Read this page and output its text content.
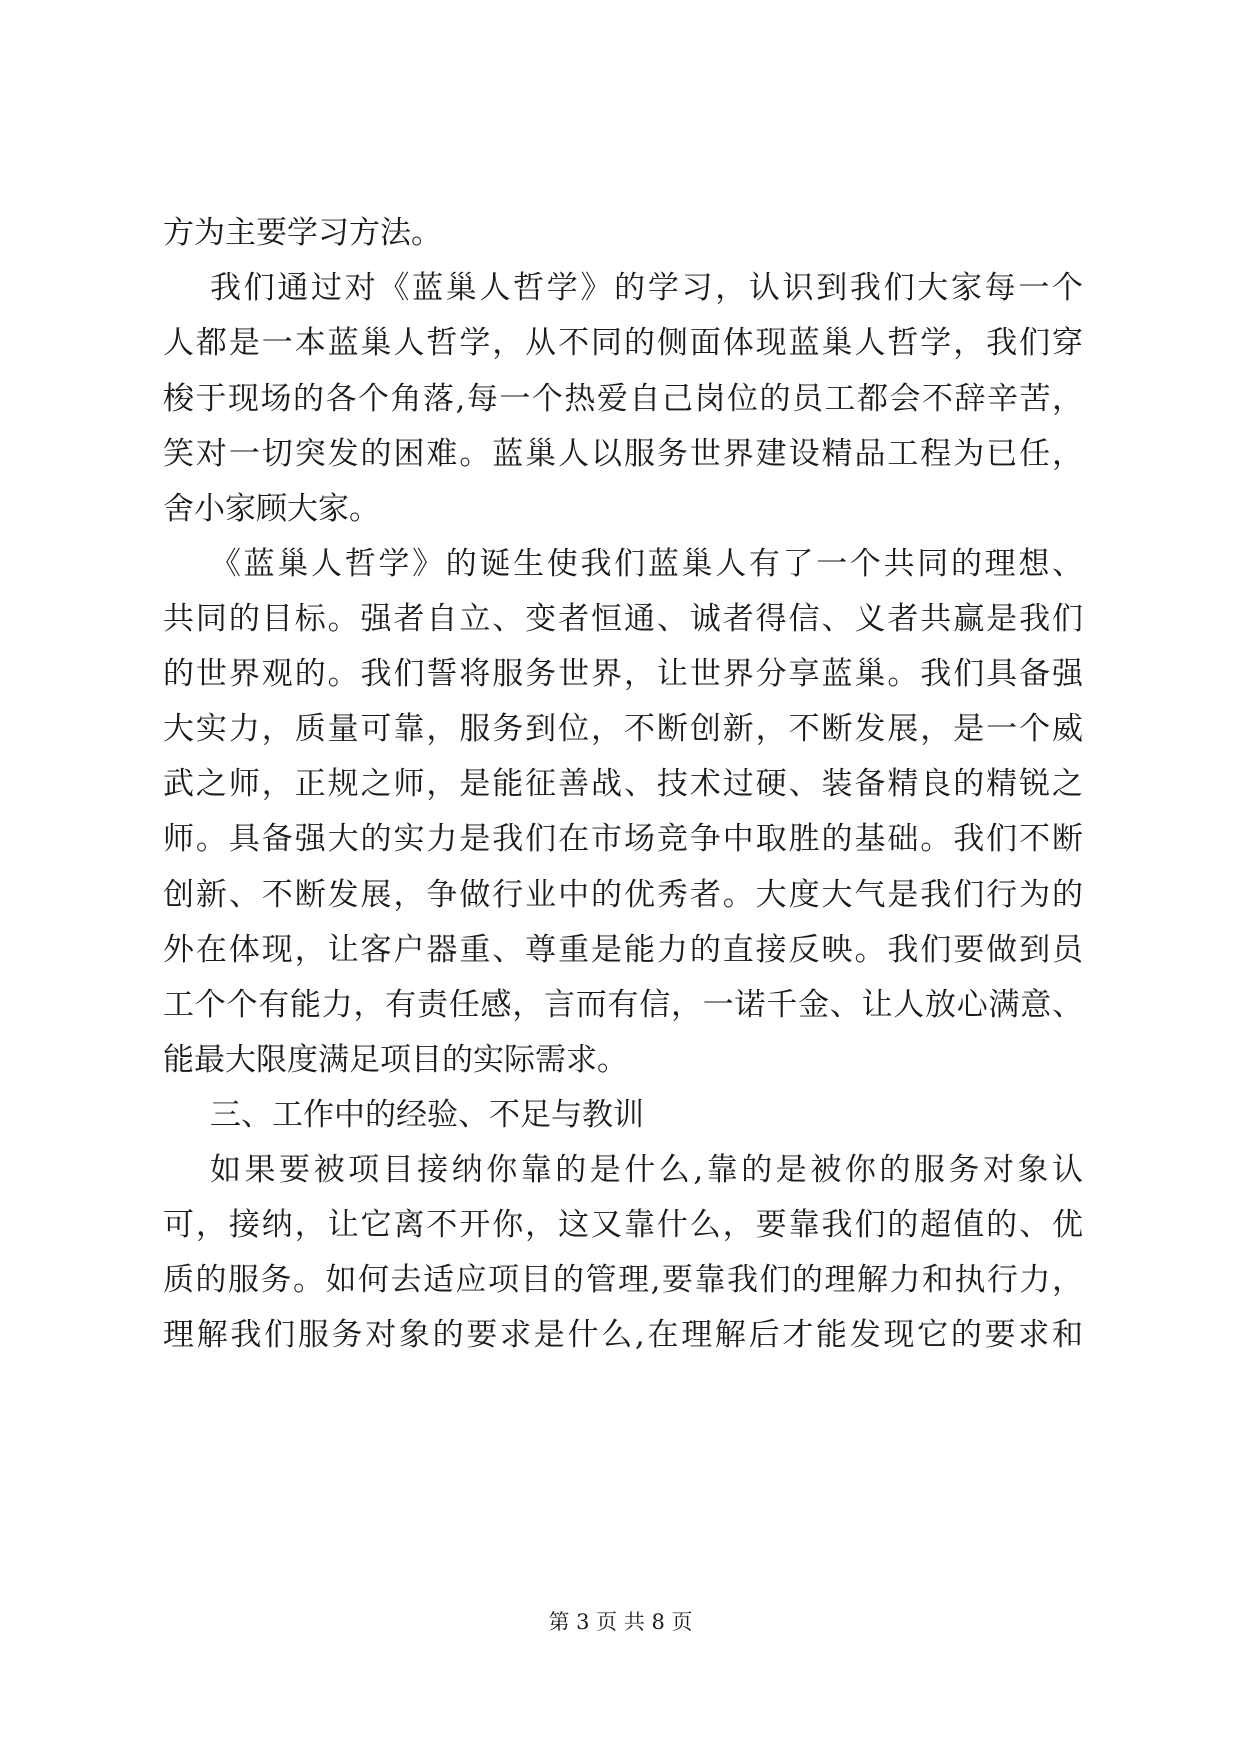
方为主要学习方法。
我们通过对《蓝巢人哲学》的学习，认识到我们大家每一个
人都是一本蓝巢人哲学，从不同的侧面体现蓝巢人哲学，我们穿
梭于现场的各个角落,每一个热爱自己岗位的员工都会不辞辛苦，
笑对一切突发的困难。蓝巢人以服务世界建设精品工程为已任，
舍小家顾大家。
《蓝巢人哲学》的诞生使我们蓝巢人有了一个共同的理想、
共同的目标。强者自立、变者恒通、诚者得信、义者共赢是我们
的世界观的。我们誓将服务世界，让世界分享蓝巢。我们具备强
大实力，质量可靠，服务到位，不断创新，不断发展，是一个威
武之师，正规之师，是能征善战、技术过硬、装备精良的精锐之
师。具备强大的实力是我们在市场竞争中取胜的基础。我们不断
创新、不断发展，争做行业中的优秀者。大度大气是我们行为的
外在体现，让客户器重、尊重是能力的直接反映。我们要做到员
工个个有能力，有责任感，言而有信，一诺千金、让人放心满意、
能最大限度满足项目的实际需求。
三、工作中的经验、不足与教训
如果要被项目接纳你靠的是什么,靠的是被你的服务对象认
可，接纳，让它离不开你，这又靠什么，要靠我们的超值的、优
质的服务。如何去适应项目的管理,要靠我们的理解力和执行力，
理解我们服务对象的要求是什么,在理解后才能发现它的要求和
第 3 页 共 8 页
